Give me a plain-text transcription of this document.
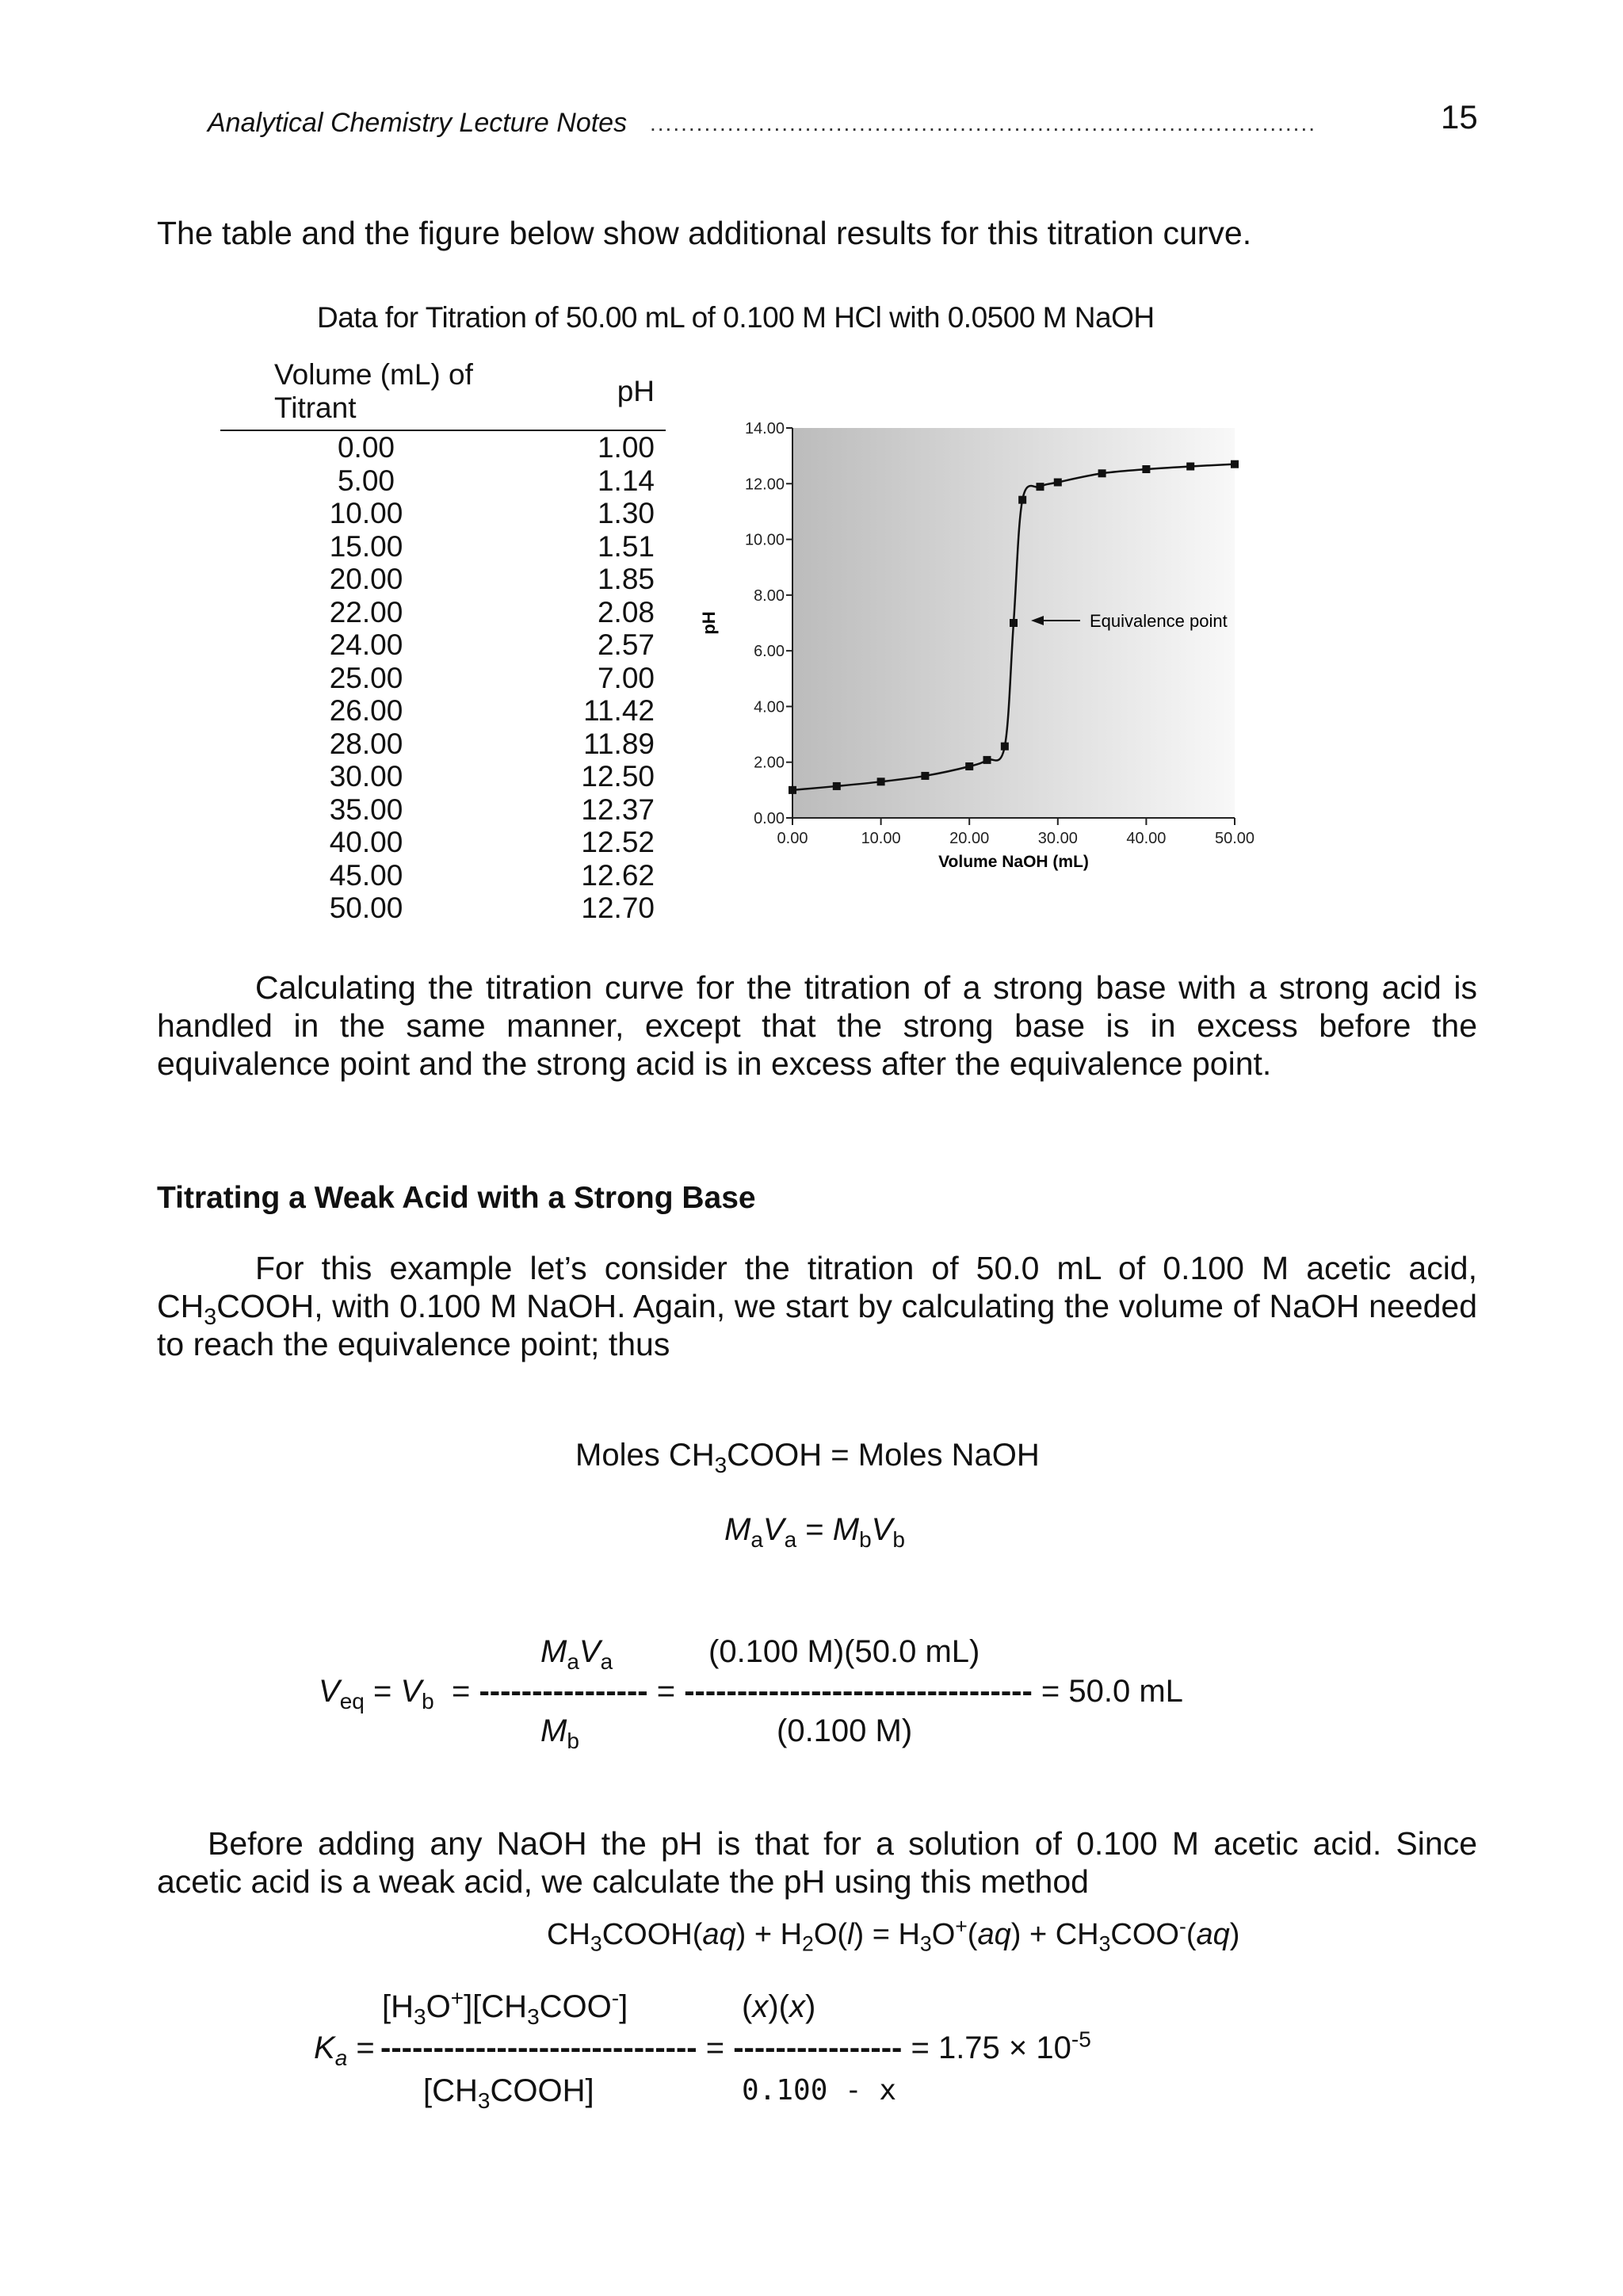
Analytical Chemistry Lecture Notes ......................................................................................	15
The table and the figure below show additional results for this titration curve.
Data for Titration of 50.00 mL of 0.100 M HCl with 0.0500 M NaOH
Volume (mL) of Titrant	pH
0.00	1.00
5.00	1.14
10.00	1.30
15.00	1.51
20.00	1.85
22.00	2.08
24.00	2.57
25.00	7.00
26.00	11.42
28.00	11.89
30.00	12.50
35.00	12.37
40.00	12.52
45.00	12.62
50.00	12.70
0.00
2.00
4.00
6.00
8.00
10.00
12.00
14.00
0.00	10.00	20.00	30.00	40.00	50.00
pH
Volume NaOH (mL)
Equivalence point
Calculating the titration curve for the titration of a strong base with a strong acid is handled in the same manner, except that the strong base is in excess before the equivalence point and the strong acid is in excess after the equivalence point.
Titrating a Weak Acid with a Strong Base
For this example let’s consider the titration of 50.0 mL of 0.100 M acetic acid, $CH_3COOH$, with 0.100 M NaOH. Again, we start by calculating the volume of NaOH needed to reach the equivalence point; thus
Moles $CH_3COOH$ = Moles NaOH
$M_aV_a = M_bV_b$
$M_aV_a$	(0.100 M)(50.0 mL)
$V_{eq} = V_b$ = ---------------- = --------------------------------- = 50.0 mL
$M_b$	(0.100 M)
Before adding any NaOH the pH is that for a solution of 0.100 M acetic acid. Since acetic acid is a weak acid, we calculate the pH using this method
$CH_3COOH(aq) + H_2O(l) = H_3O^+(aq) + CH_3COO^-(aq)$
$[H_3O^+][CH_3COO^-]$	(x)(x)
$K_a$ = ------------------------------ = ---------------- = $1.75 \times 10^{-5}$
$[CH_3COOH]$	0.100 - x
